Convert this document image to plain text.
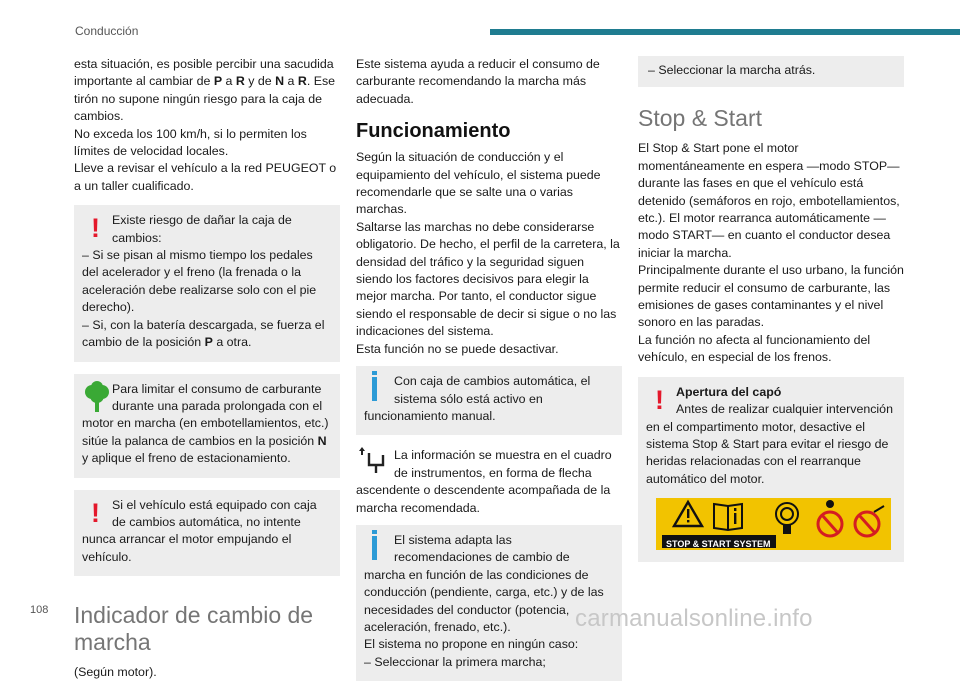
Conducción

esta situación, es posible percibir una sacudida importante al cambiar de P a R y de N a R. Ese tirón no supone ningún riesgo para la caja de cambios.

No exceda los 100 km/h, si lo permiten los límites de velocidad locales.

Lleve a revisar el vehículo a la red PEUGEOT o a un taller cualificado.

! Existe riesgo de dañar la caja de cambios:

– Si se pisan al mismo tiempo los pedales del acelerador y el freno (la frenada o la aceleración debe realizarse solo con el pie derecho).

– Si, con la batería descargada, se fuerza el cambio de la posición P a otra.

Para limitar el consumo de carburante durante una parada prolongada con el motor en marcha (en embotellamientos, etc.) sitúe la palanca de cambios en la posición N y aplique el freno de estacionamiento.

! Si el vehículo está equipado con caja de cambios automática, no intente nunca arrancar el motor empujando el vehículo.

Indicador de cambio de marcha

(Según motor).

Este sistema ayuda a reducir el consumo de carburante recomendando la marcha más adecuada.

Funcionamiento

Según la situación de conducción y el equipamiento del vehículo, el sistema puede recomendarle que se salte una o varias marchas.

Saltarse las marchas no debe considerarse obligatorio. De hecho, el perfil de la carretera, la densidad del tráfico y la seguridad siguen siendo los factores decisivos para elegir la mejor marcha. Por tanto, el conductor sigue siendo el responsable de decir si sigue o no las indicaciones del sistema.

Esta función no se puede desactivar.

Con caja de cambios automática, el sistema sólo está activo en funcionamiento manual.

La información se muestra en el cuadro de instrumentos, en forma de flecha ascendente o descendente acompañada de la marcha recomendada.

El sistema adapta las recomendaciones de cambio de marcha en función de las condiciones de conducción (pendiente, carga, etc.) y de las necesidades del conductor (potencia, aceleración, frenado, etc.).

El sistema no propone en ningún caso:

– Seleccionar la primera marcha;

– Seleccionar la marcha atrás.

Stop & Start

El Stop & Start pone el motor momentáneamente en espera —modo STOP— durante las fases en que el vehículo está detenido (semáforos en rojo, embotellamientos, etc.). El motor rearranca automáticamente — modo START— en cuanto el conductor desea iniciar la marcha.

Principalmente durante el uso urbano, la función permite reducir el consumo de carburante, las emisiones de gases contaminantes y el nivel sonoro en las paradas.

La función no afecta al funcionamiento del vehículo, en especial de los frenos.

! Apertura del capó

Antes de realizar cualquier intervención en el compartimento motor, desactive el sistema Stop & Start para evitar el riesgo de heridas relacionadas con el rearranque automático del motor.

STOP & START SYSTEM
108	carmanualsonline.info
